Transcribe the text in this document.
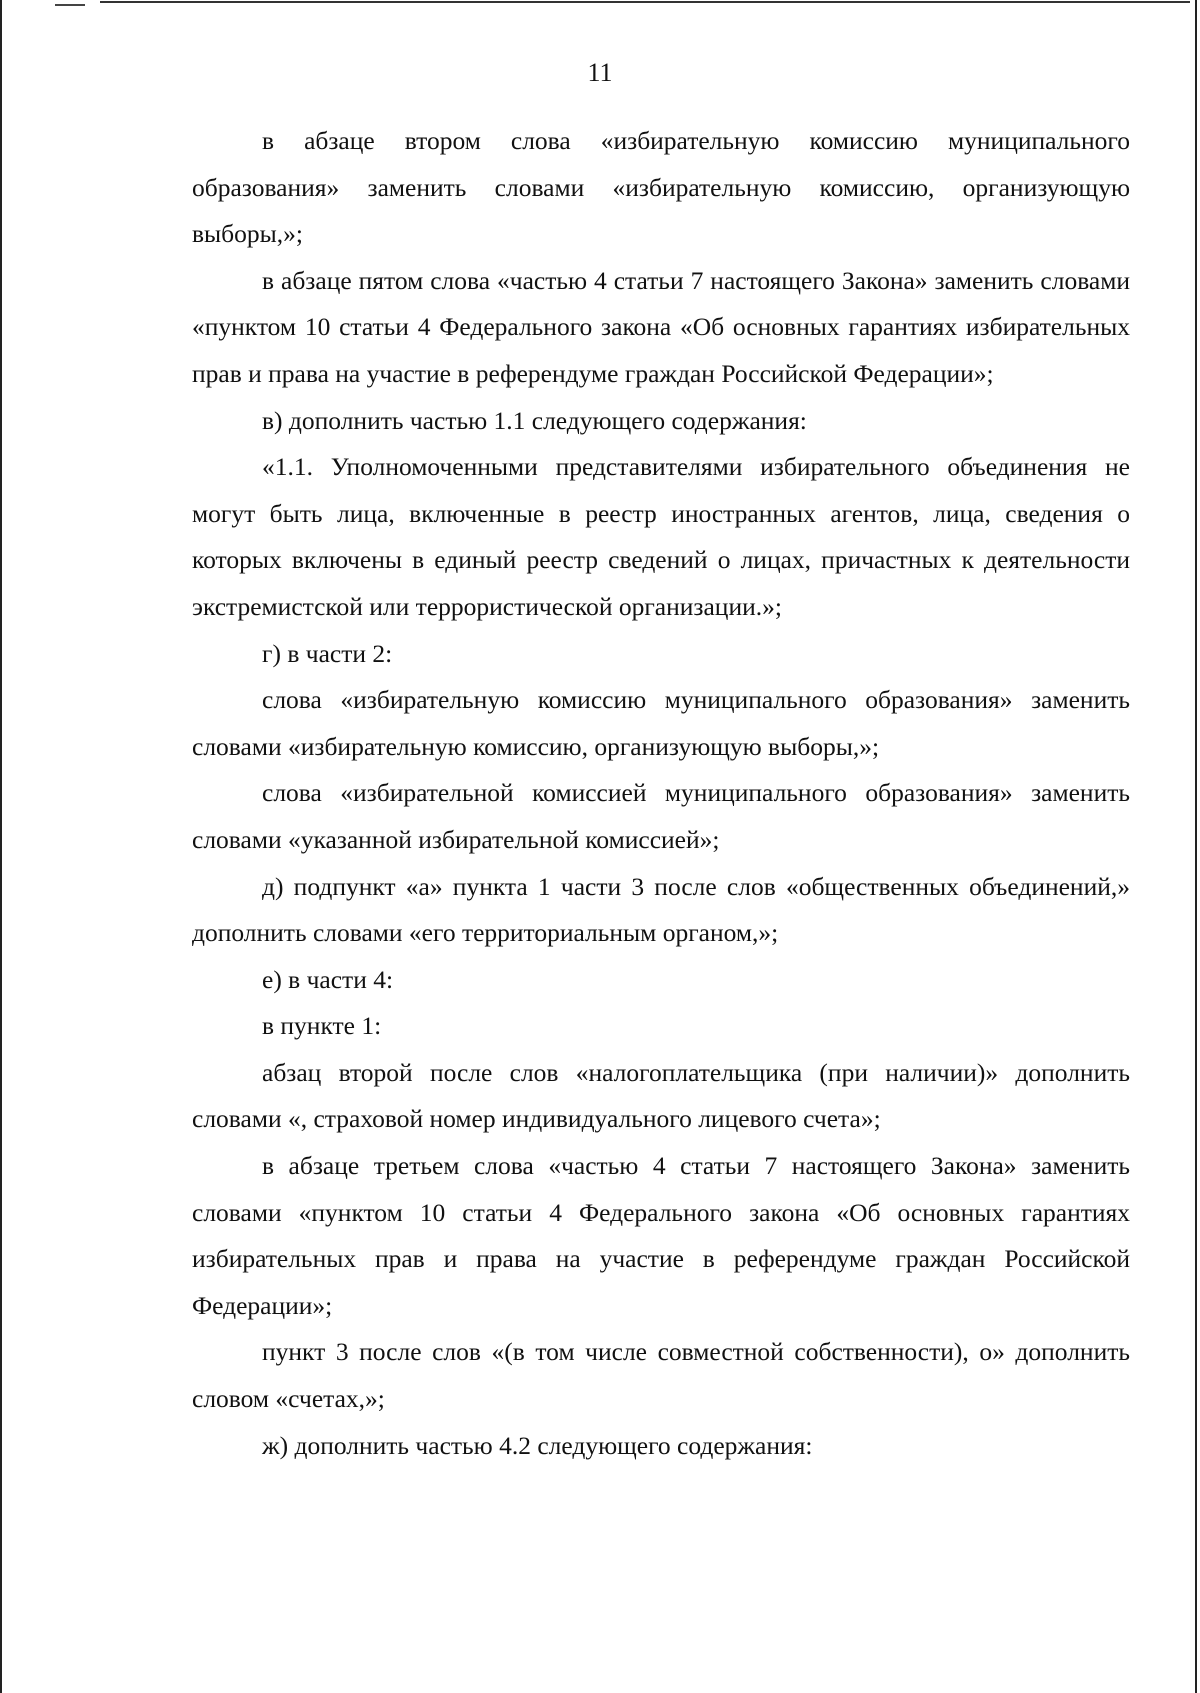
11

в абзаце втором слова «избирательную комиссию муниципального образования» заменить словами «избирательную комиссию, организующую выборы,»;

в абзаце пятом слова «частью 4 статьи 7 настоящего Закона» заменить словами «пунктом 10 статьи 4 Федерального закона «Об основных гарантиях избирательных прав и права на участие в референдуме граждан Российской Федерации»;

в) дополнить частью 1.1 следующего содержания:

«1.1. Уполномоченными представителями избирательного объединения не могут быть лица, включенные в реестр иностранных агентов, лица, сведения о которых включены в единый реестр сведений о лицах, причастных к деятельности экстремистской или террористической организации.»;

г) в части 2:

слова «избирательную комиссию муниципального образования» заменить словами «избирательную комиссию, организующую выборы,»;

слова «избирательной комиссией муниципального образования» заменить словами «указанной избирательной комиссией»;

д) подпункт «а» пункта 1 части 3 после слов «общественных объединений,» дополнить словами «его территориальным органом,»;

е) в части 4:

в пункте 1:

абзац второй после слов «налогоплательщика (при наличии)» дополнить словами «, страховой номер индивидуального лицевого счета»;

в абзаце третьем слова «частью 4 статьи 7 настоящего Закона» заменить словами «пунктом 10 статьи 4 Федерального закона «Об основных гарантиях избирательных прав и права на участие в референдуме граждан Российской Федерации»;

пункт 3 после слов «(в том числе совместной собственности), о» дополнить словом «счетах,»;

ж) дополнить частью 4.2 следующего содержания:
